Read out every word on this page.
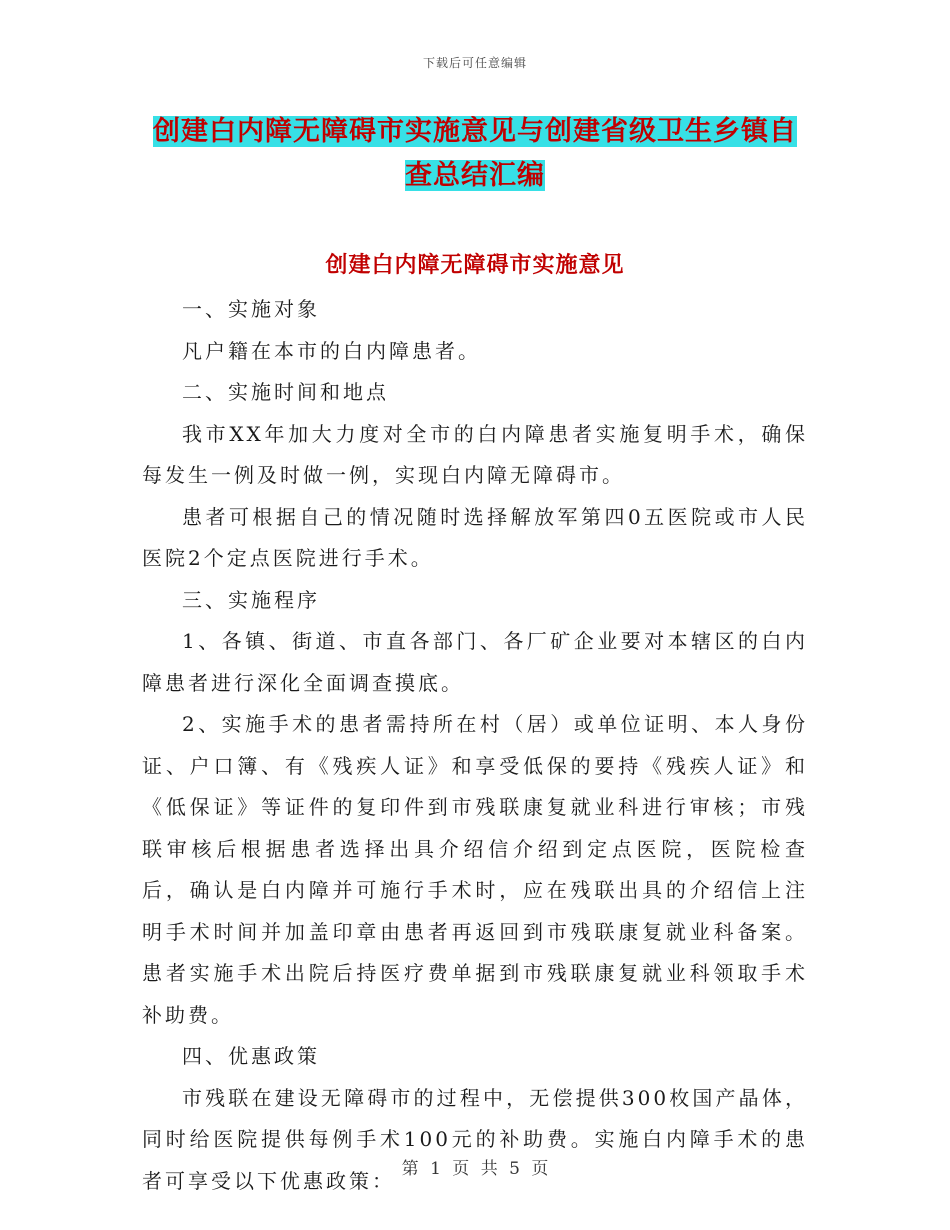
下载后可任意编辑
创建白内障无障碍市实施意见与创建省级卫生乡镇自查总结汇编
创建白内障无障碍市实施意见

一、实施对象

凡户籍在本市的白内障患者。

二、实施时间和地点

我市XX年加大力度对全市的白内障患者实施复明手术，确保每发生一例及时做一例，实现白内障无障碍市。

患者可根据自己的情况随时选择解放军第四0五医院或市人民医院2个定点医院进行手术。

三、实施程序

1、各镇、街道、市直各部门、各厂矿企业要对本辖区的白内障患者进行深化全面调查摸底。

2、实施手术的患者需持所在村（居）或单位证明、本人身份证、户口簿、有《残疾人证》和享受低保的要持《残疾人证》和《低保证》等证件的复印件到市残联康复就业科进行审核；市残联审核后根据患者选择出具介绍信介绍到定点医院，医院检查后，确认是白内障并可施行手术时，应在残联出具的介绍信上注明手术时间并加盖印章由患者再返回到市残联康复就业科备案。患者实施手术出院后持医疗费单据到市残联康复就业科领取手术补助费。

四、优惠政策

市残联在建设无障碍市的过程中，无偿提供300枚国产晶体，同时给医院提供每例手术100元的补助费。实施白内障手术的患者可享受以下优惠政策： 第 1 页 共 5 页
